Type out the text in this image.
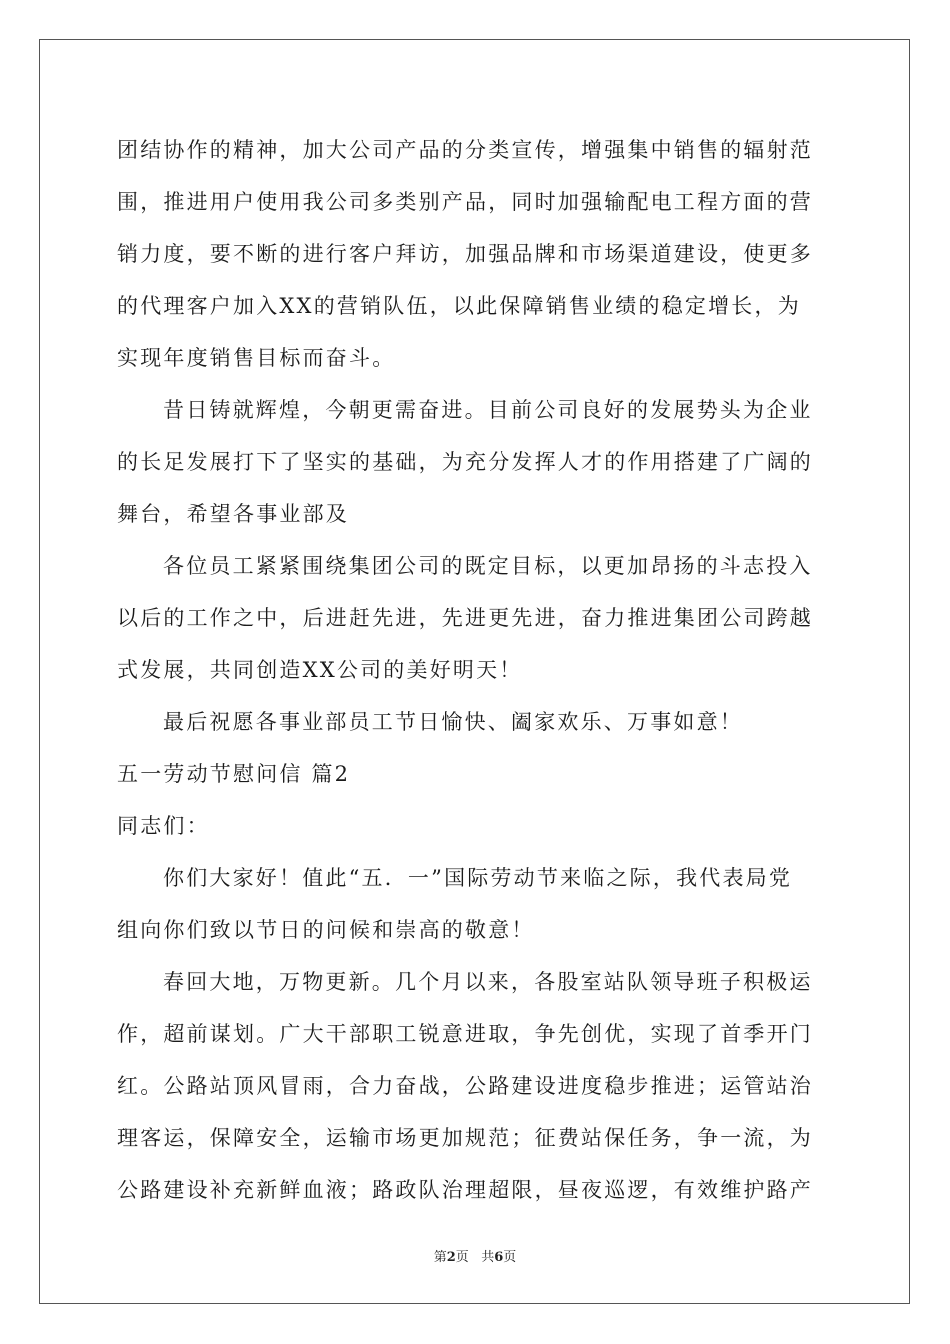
团结协作的精神，加大公司产品的分类宣传，增强集中销售的辐射范
围，推进用户使用我公司多类别产品，同时加强输配电工程方面的营
销力度，要不断的进行客户拜访，加强品牌和市场渠道建设，使更多
的代理客户加入XX的营销队伍，以此保障销售业绩的稳定增长，为
实现年度销售目标而奋斗。
昔日铸就辉煌，今朝更需奋进。目前公司良好的发展势头为企业
的长足发展打下了坚实的基础，为充分发挥人才的作用搭建了广阔的
舞台，希望各事业部及
各位员工紧紧围绕集团公司的既定目标，以更加昂扬的斗志投入
以后的工作之中，后进赶先进，先进更先进，奋力推进集团公司跨越
式发展，共同创造XX公司的美好明天！
最后祝愿各事业部员工节日愉快、阖家欢乐、万事如意！
五一劳动节慰问信 篇2
同志们：
你们大家好！值此“五．一”国际劳动节来临之际，我代表局党
组向你们致以节日的问候和崇高的敬意！
春回大地，万物更新。几个月以来，各股室站队领导班子积极运
作，超前谋划。广大干部职工锐意进取，争先创优，实现了首季开门
红。公路站顶风冒雨，合力奋战，公路建设进度稳步推进；运管站治
理客运，保障安全，运输市场更加规范；征费站保任务，争一流，为
公路建设补充新鲜血液；路政队治理超限，昼夜巡逻，有效维护路产
第2页 共6页
